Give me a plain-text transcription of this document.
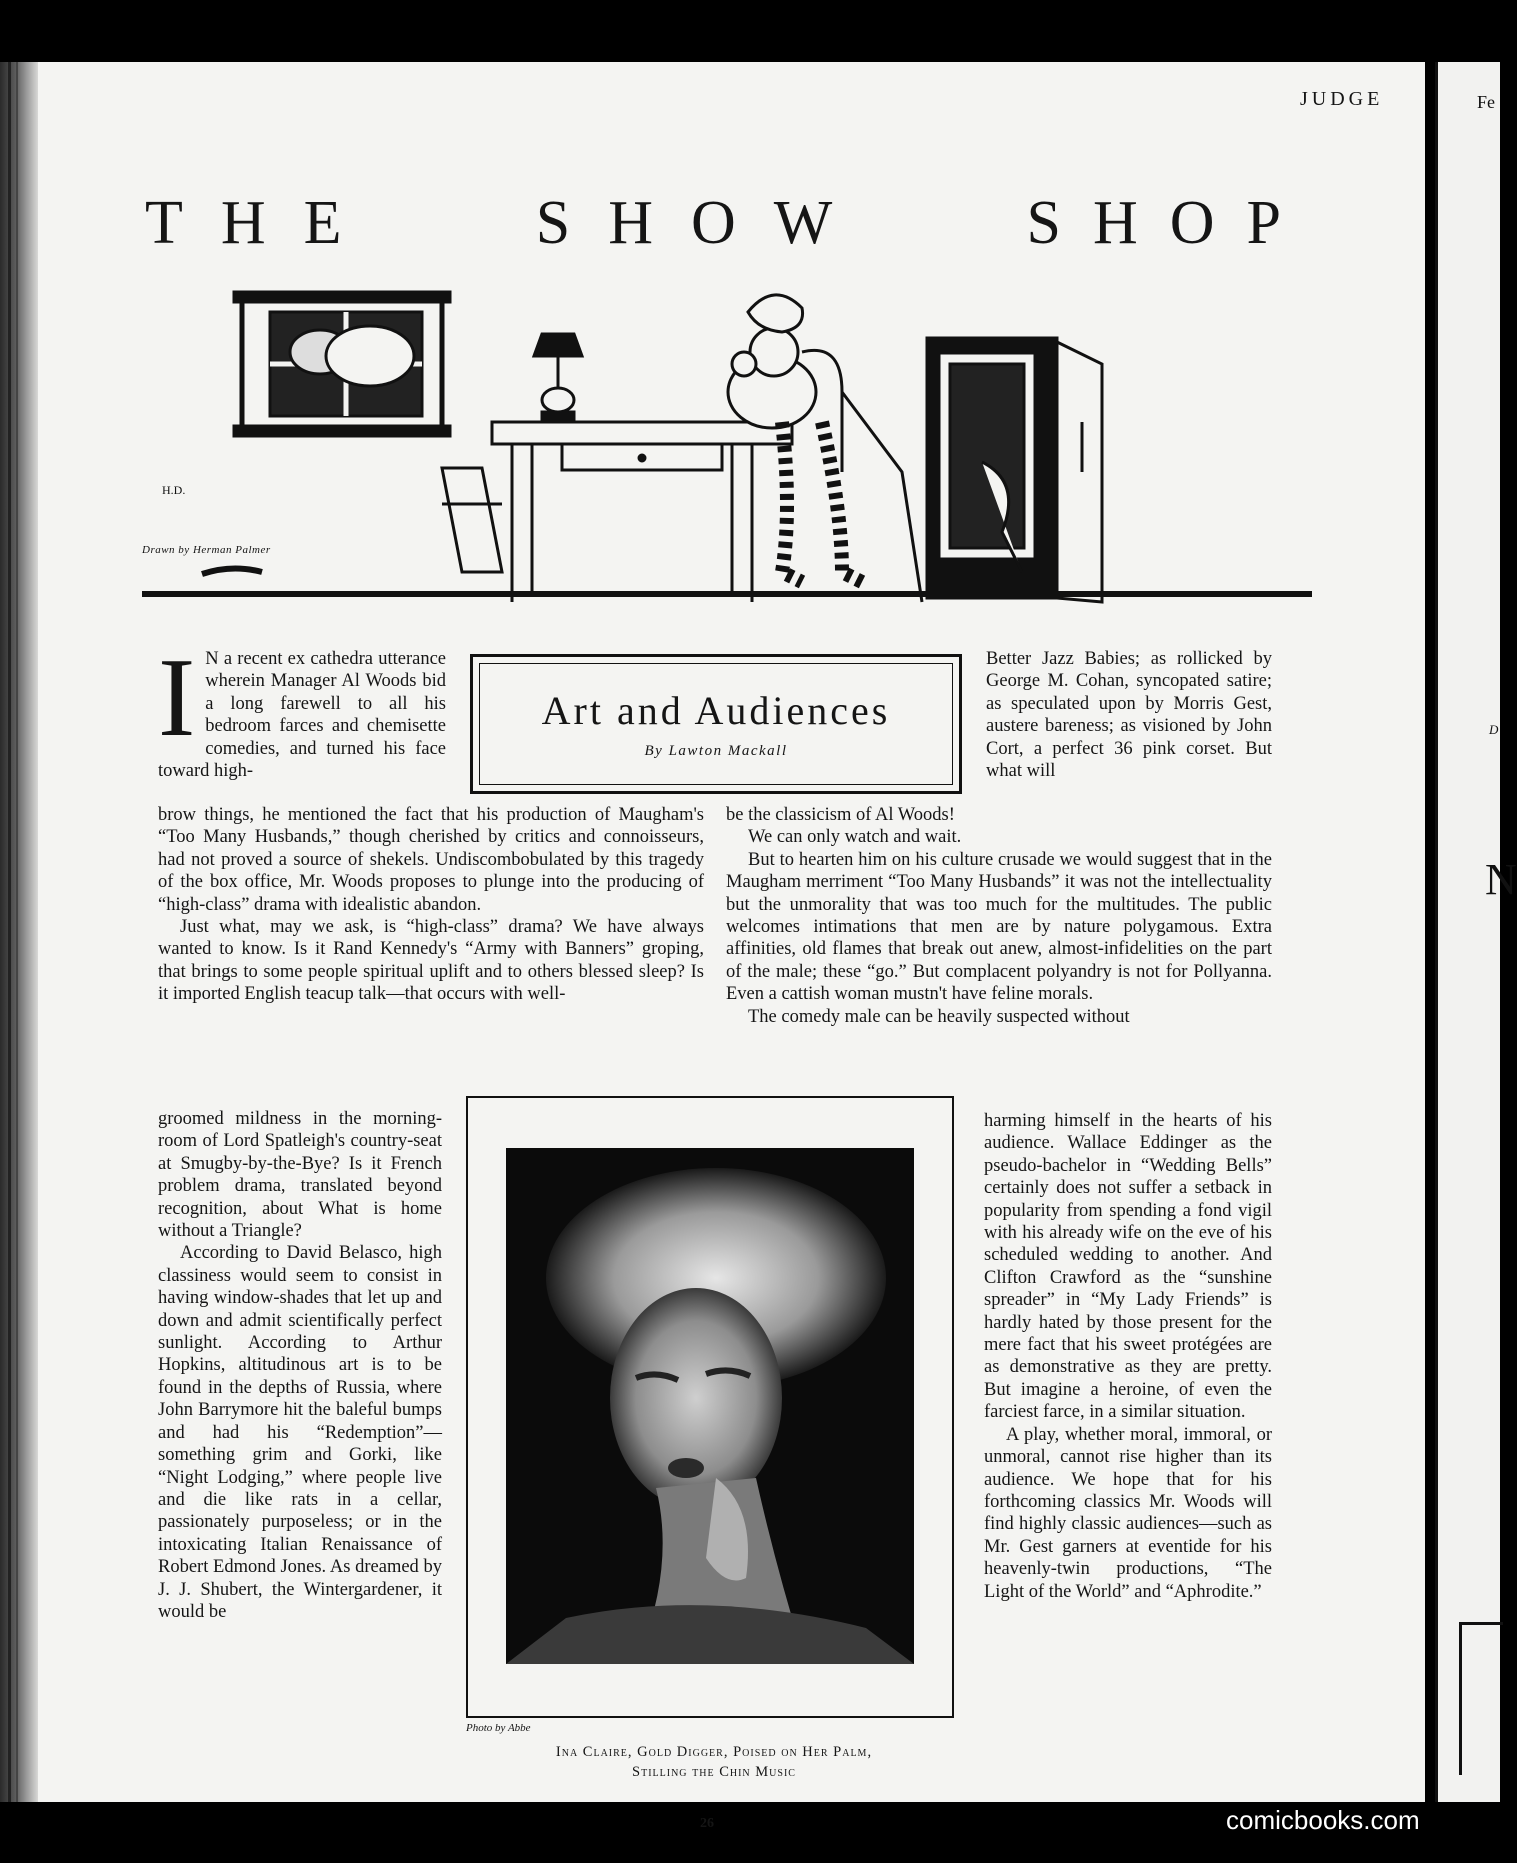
JUDGE
THE	SHOW	SHOP
H.D.
Drawn by Herman Palmer
I N a recent ex cathedra utterance wherein Manager Al Woods bid a long farewell to all his bedroom farces and chemisette comedies, and turned his face toward high-
Art and Audiences
By Lawton Mackall
Better Jazz Babies; as rollicked by George M. Cohan, syncopated satire; as speculated upon by Morris Gest, austere bareness; as visioned by John Cort, a perfect 36 pink corset. But what will
brow things, he mentioned the fact that his production of Maugham's “Too Many Husbands,” though cherished by critics and connoisseurs, had not proved a source of shekels. Undiscombobulated by this tragedy of the box office, Mr. Woods proposes to plunge into the producing of “high-class” drama with idealistic abandon.
Just what, may we ask, is “high-class” drama? We have always wanted to know. Is it Rand Kennedy's “Army with Banners” groping, that brings to some people spiritual uplift and to others blessed sleep? Is it imported English teacup talk—that occurs with well-
be the classicism of Al Woods!
We can only watch and wait.
But to hearten him on his culture crusade we would suggest that in the Maugham merriment “Too Many Husbands” it was not the intellectuality but the unmorality that was too much for the multitudes. The public welcomes intimations that men are by nature polygamous. Extra affinities, old flames that break out anew, almost-infidelities on the part of the male; these “go.” But complacent polyandry is not for Pollyanna. Even a cattish woman mustn't have feline morals.
The comedy male can be heavily suspected without
groomed mildness in the morning-room of Lord Spatleigh's country-seat at Smugby-by-the-Bye? Is it French problem drama, translated beyond recognition, about What is home without a Triangle?
According to David Belasco, high classiness would seem to consist in having window-shades that let up and down and admit scientifically perfect sunlight. According to Arthur Hopkins, altitudinous art is to be found in the depths of Russia, where John Barrymore hit the baleful bumps and had his “Redemption”—something grim and Gorki, like “Night Lodging,” where people live and die like rats in a cellar, passionately purposeless; or in the intoxicating Italian Renaissance of Robert Edmond Jones. As dreamed by J. J. Shubert, the Wintergardener, it would be
harming himself in the hearts of his audience. Wallace Eddinger as the pseudo-bachelor in “Wedding Bells” certainly does not suffer a setback in popularity from spending a fond vigil with his already wife on the eve of his scheduled wedding to another. And Clifton Crawford as the “sunshine spreader” in “My Lady Friends” is hardly hated by those present for the mere fact that his sweet protégées are as demonstrative as they are pretty. But imagine a heroine, of even the farciest farce, in a similar situation.
A play, whether moral, immoral, or unmoral, cannot rise higher than its audience. We hope that for his forthcoming classics Mr. Woods will find highly classic audiences—such as Mr. Gest garners at eventide for his heavenly-twin productions, “The Light of the World” and “Aphrodite.”
Photo by Abbe
Ina Claire, Gold Digger, Poised on Her Palm,
Stilling the Chin Music
26
Fe
D
N
comicbooks.com
